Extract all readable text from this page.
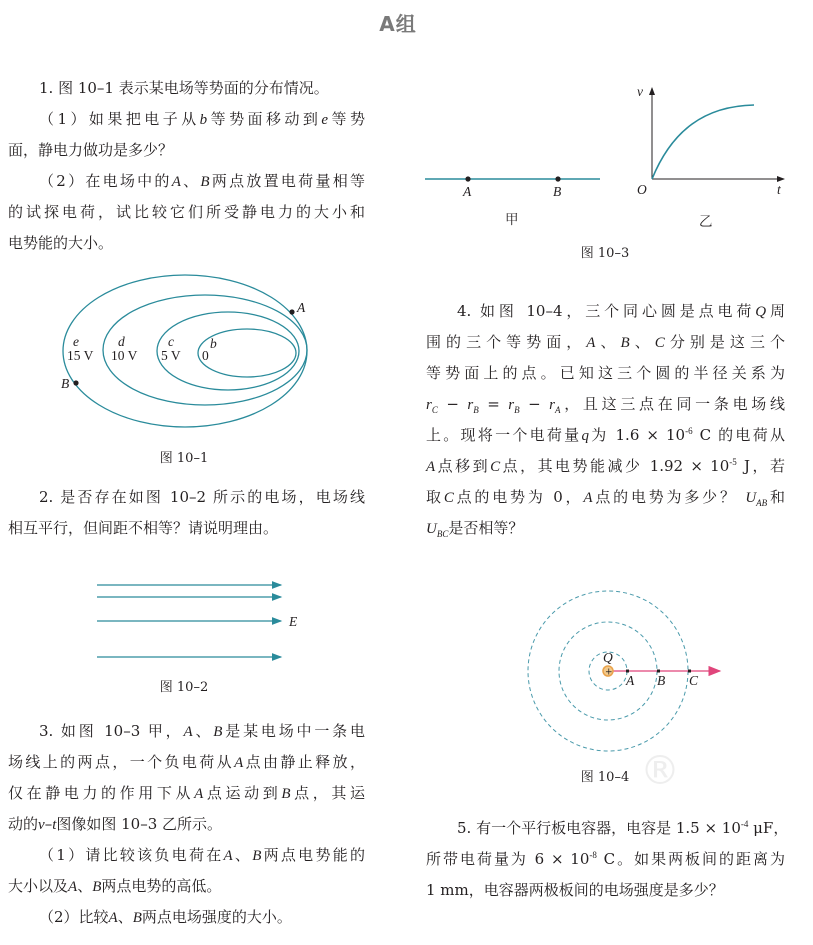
A组
®
1. 图 10–1 表示某电场等势面的分布情况。
（1）如果把电子从b等势面移动到e等势
面，静电力做功是多少？
（2）在电场中的A、B两点放置电荷量相等
的试探电荷，试比较它们所受静电力的大小和
电势能的大小。
2. 是否存在如图 10–2 所示的电场，电场线
相互平行，但间距不相等？请说明理由。
3. 如图 10–3 甲，A、B是某电场中一条电
场线上的两点，一个负电荷从A点由静止释放，
仅在静电力的作用下从A点运动到B点，其运
动的v–t图像如图 10–3 乙所示。
（1）请比较该负电荷在A、B两点电势能的
大小以及A、B两点电势的高低。
（2）比较A、B两点电场强度的大小。
4. 如图 10–4，三个同心圆是点电荷Q周
围的三个等势面，A、B、C分别是这三个
等势面上的点。已知这三个圆的半径关系为
$r_C - r_B = r_B - r_A$，且这三点在同一条电场线
上。现将一个电荷量q为 $1.6 \times 10^{-6}$ C 的电荷从
A点移到C点，其电势能减少 $1.92 \times 10^{-5}$ J，若
取C点的电势为 0，A点的电势为多少？ $U_{AB}$和
$U_{BC}$是否相等？
5. 有一个平行板电容器，电容是 $1.5 \times 10^{-4}$ μF，
所带电荷量为 $6 \times 10^{-8}$ C。如果两板间的距离为
1 mm，电容器两极板间的电场强度是多少？
A
B
e
15 V
d
10 V
c
5 V
b
0
E
A	B
甲
v
t
O
乙
+
Q
A B C
图 10–1
图 10–2
图 10–3
图 10–4
